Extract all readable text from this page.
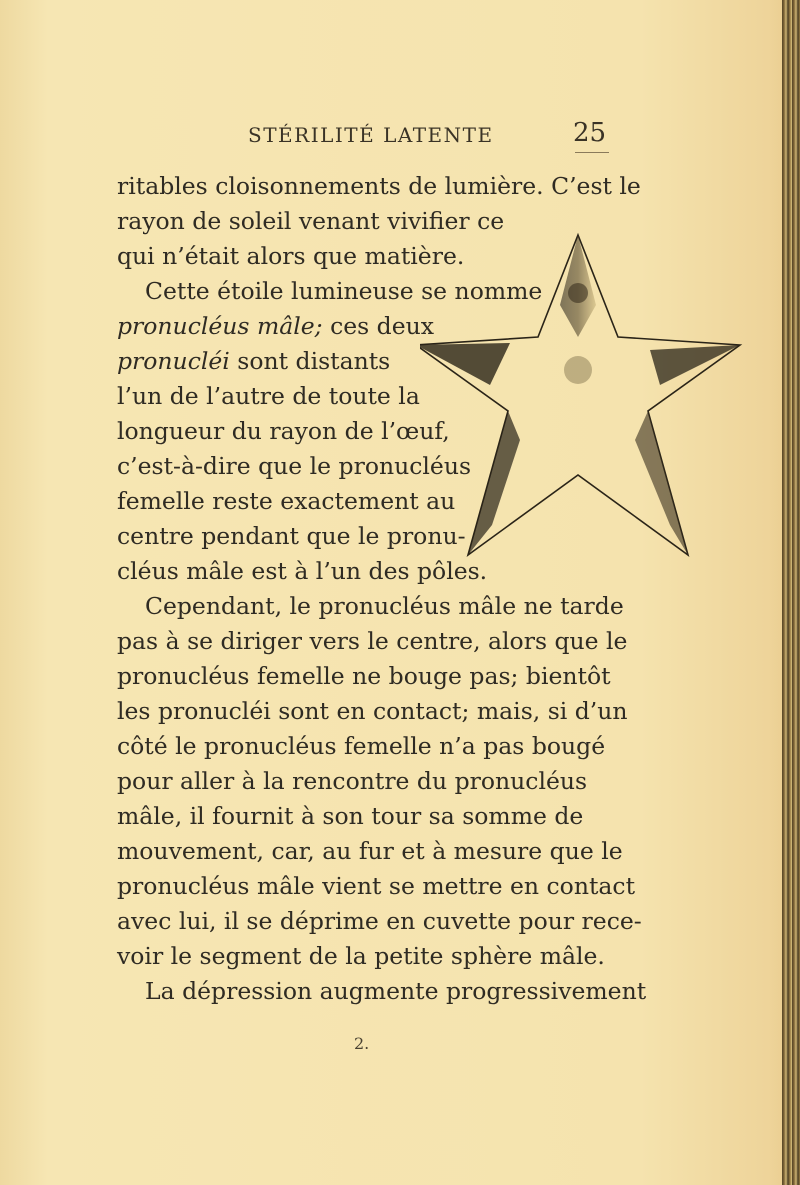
STÉRILITÉ LATENTE	25
ritables cloisonnements de lumière. C’est le
rayon de soleil venant vivifier ce
qui n’était alors que matière.
Cette étoile lumineuse se nomme
pronucléus mâle; ces deux
pronucléi sont distants
l’un de l’autre de toute la
longueur du rayon de l’œuf,
c’est-à-dire que le pronucléus
femelle reste exactement au
centre pendant que le pronu-
cléus mâle est à l’un des pôles.
Cependant, le pronucléus mâle ne tarde
pas à se diriger vers le centre, alors que le
pronucléus femelle ne bouge pas; bientôt
les pronucléi sont en contact; mais, si d’un
côté le pronucléus femelle n’a pas bougé
pour aller à la rencontre du pronucléus
mâle, il fournit à son tour sa somme de
mouvement, car, au fur et à mesure que le
pronucléus mâle vient se mettre en contact
avec lui, il se déprime en cuvette pour rece-
voir le segment de la petite sphère mâle.
La dépression augmente progressivement
2.
